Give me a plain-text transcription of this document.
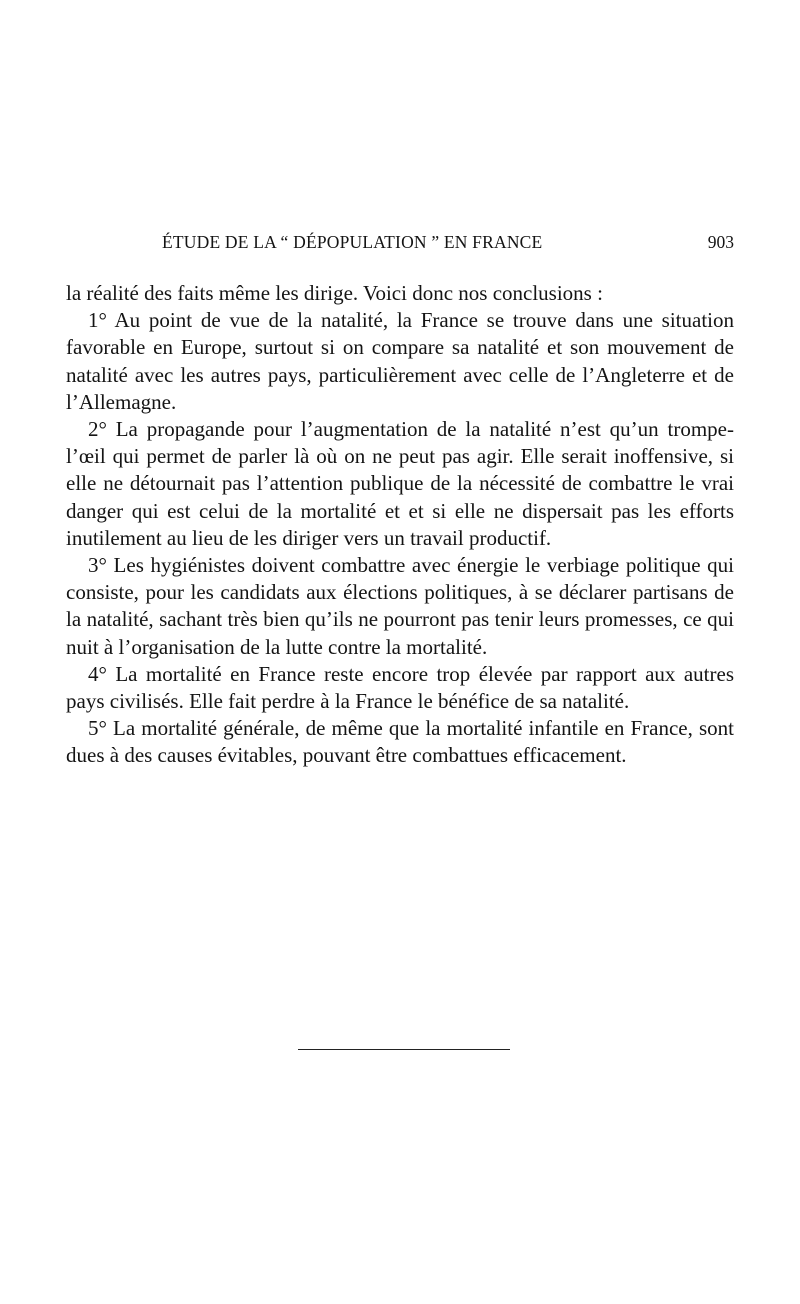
ÉTUDE DE LA “ DÉPOPULATION ” EN FRANCE	903

la réalité des faits même les dirige. Voici donc nos conclusions :

1° Au point de vue de la natalité, la France se trouve dans une situation favorable en Europe, surtout si on compare sa natalité et son mouvement de natalité avec les autres pays, particulièrement avec celle de l’Angleterre et de l’Allemagne.

2° La propagande pour l’augmentation de la natalité n’est qu’un trompe-l’œil qui permet de parler là où on ne peut pas agir. Elle serait inoffensive, si elle ne détournait pas l’attention publique de la nécessité de combattre le vrai danger qui est celui de la mortalité et et si elle ne dispersait pas les efforts inutilement au lieu de les diriger vers un travail productif.

3° Les hygiénistes doivent combattre avec énergie le verbiage politique qui consiste, pour les candidats aux élections politiques, à se déclarer partisans de la natalité, sachant très bien qu’ils ne pourront pas tenir leurs promesses, ce qui nuit à l’organisation de la lutte contre la mortalité.

4° La mortalité en France reste encore trop élevée par rapport aux autres pays civilisés. Elle fait perdre à la France le bénéfice de sa natalité.

5° La mortalité générale, de même que la mortalité infantile en France, sont dues à des causes évitables, pouvant être combattues efficacement.
